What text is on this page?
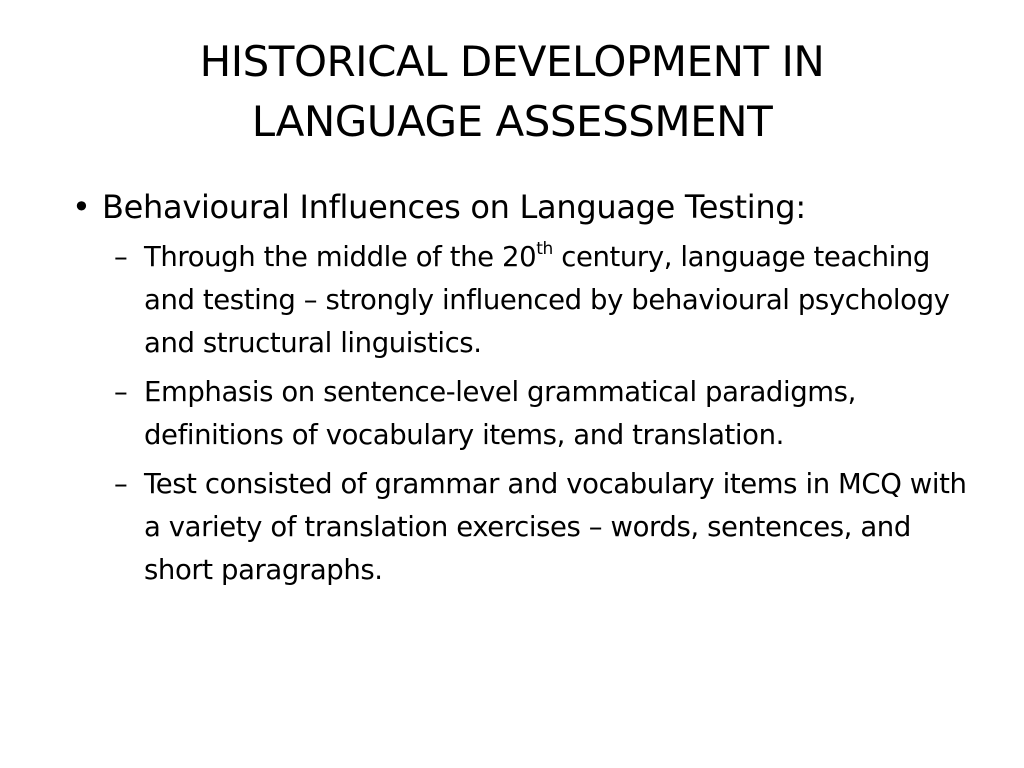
HISTORICAL DEVELOPMENT IN
LANGUAGE ASSESSMENT
• Behavioural Influences on Language Testing:
– Through the middle of the 20th century, language teaching and testing – strongly influenced by behavioural psychology and structural linguistics.
– Emphasis on sentence-level grammatical paradigms, definitions of vocabulary items, and translation.
– Test consisted of grammar and vocabulary items in MCQ with a variety of translation exercises – words, sentences, and short paragraphs.
